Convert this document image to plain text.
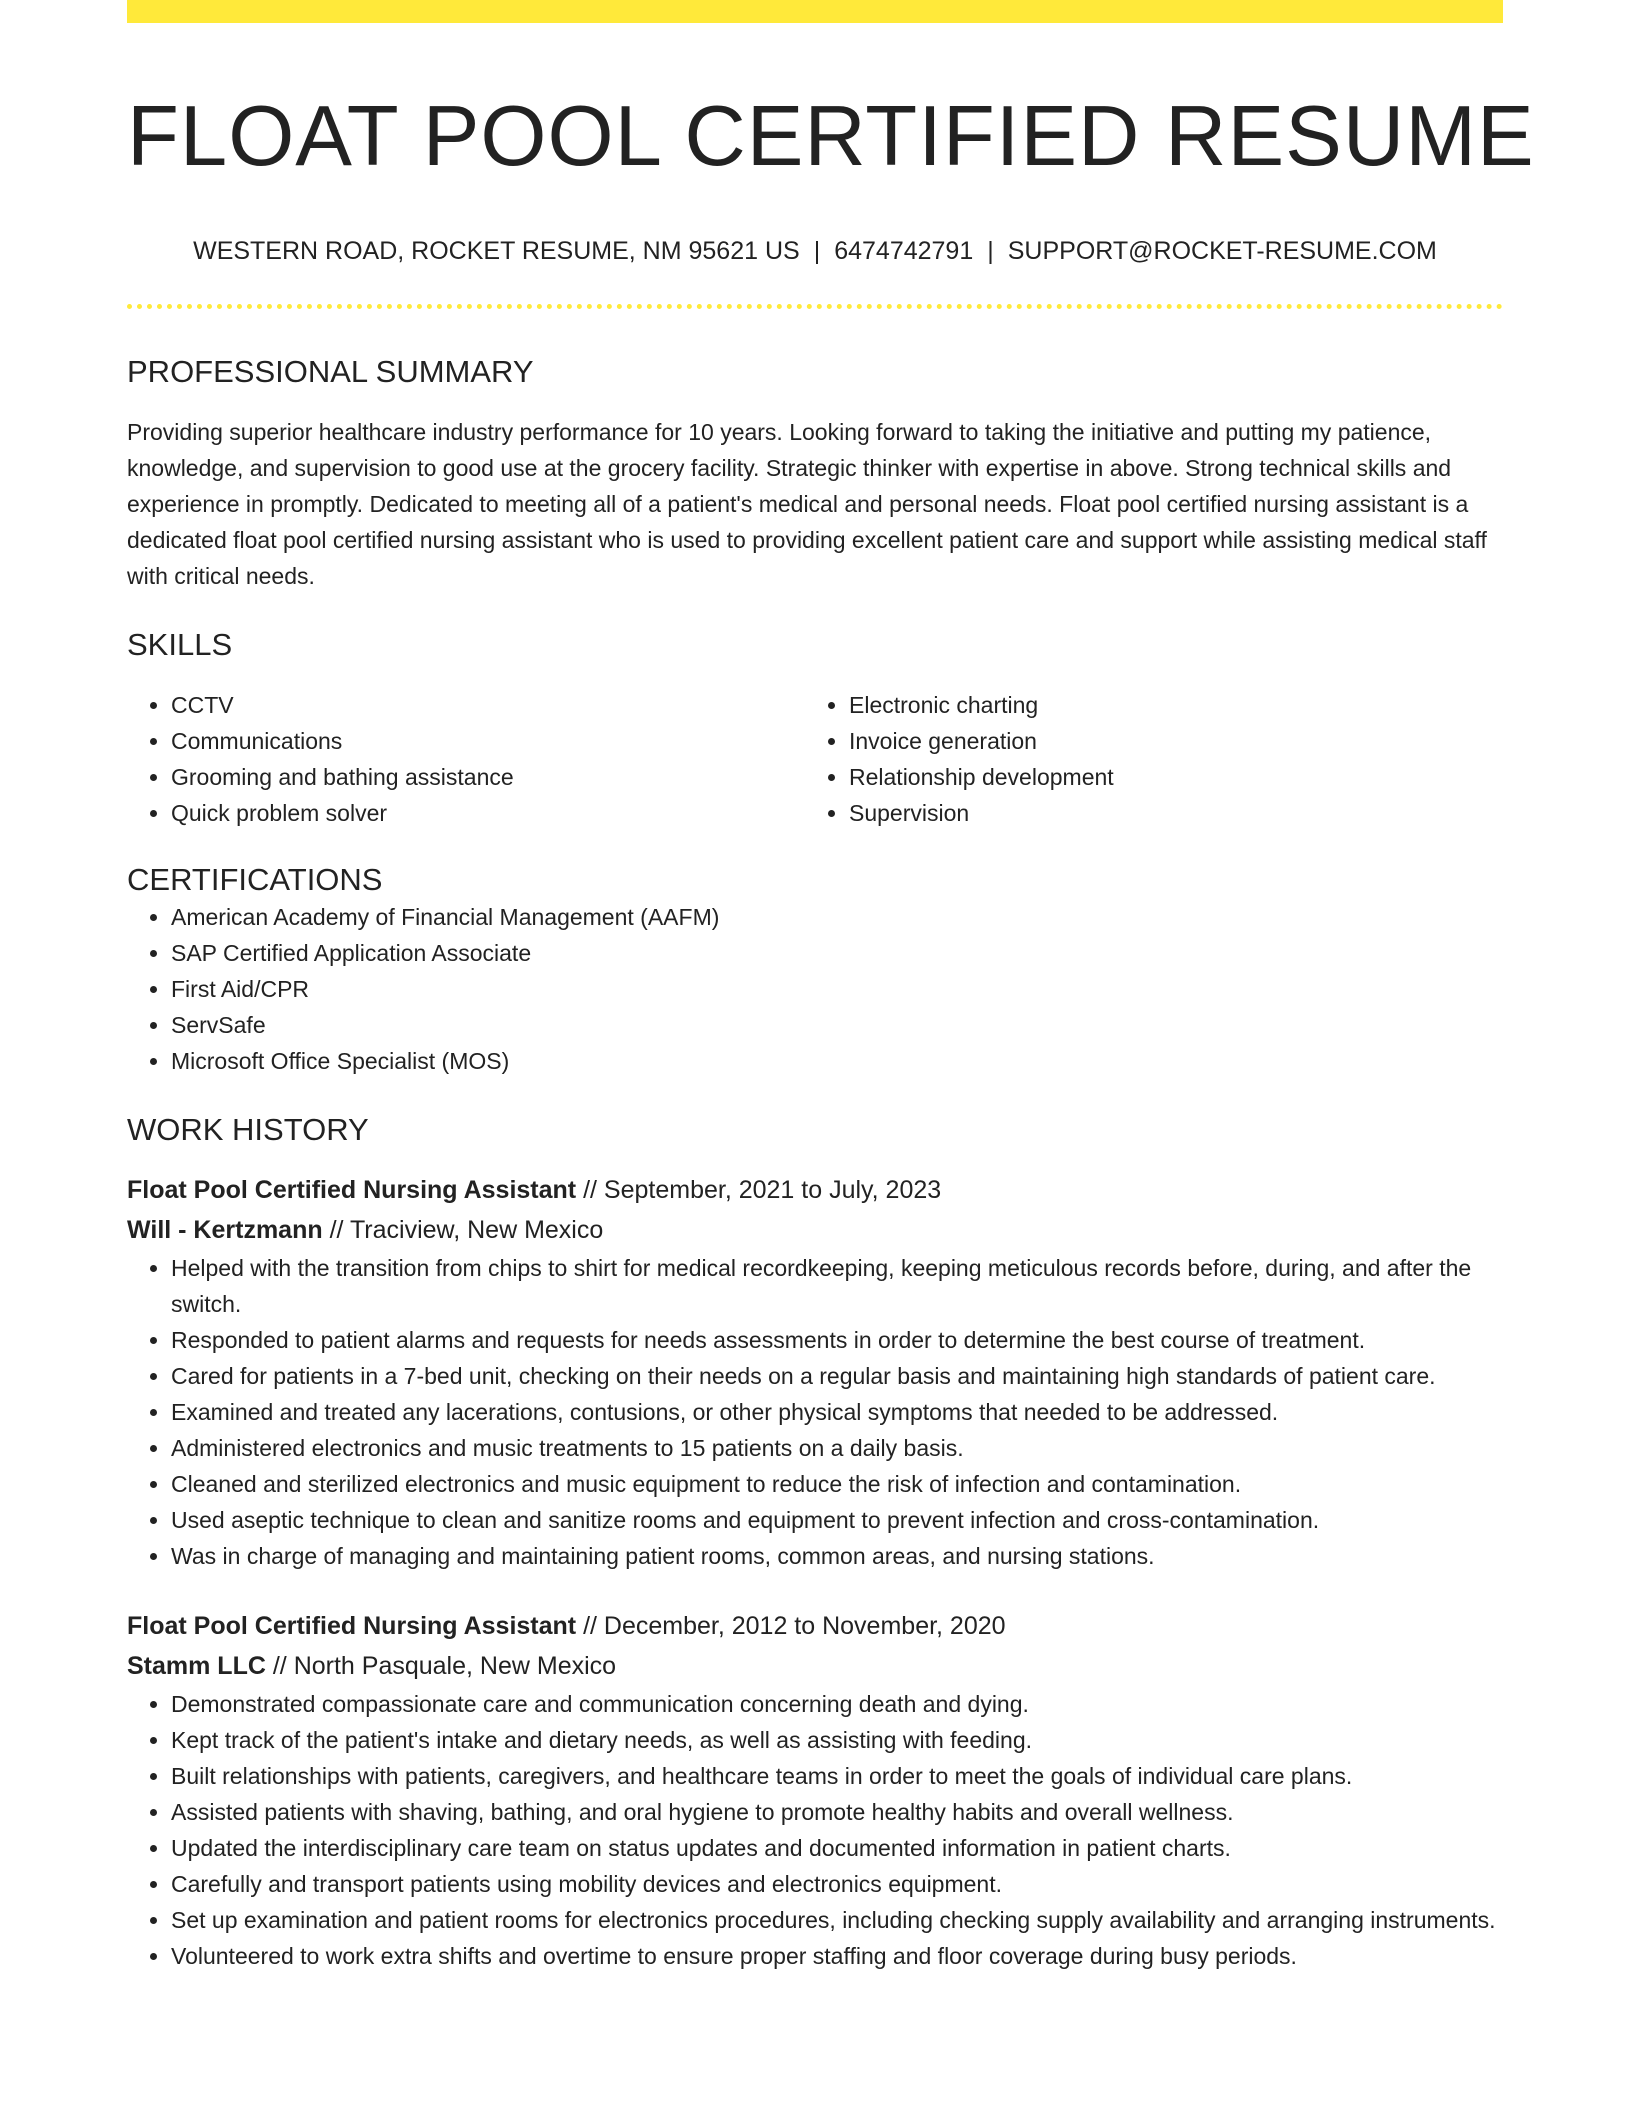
FLOAT POOL CERTIFIED RESUME
WESTERN ROAD, ROCKET RESUME, NM 95621 US | 6474742791 | SUPPORT@ROCKET-RESUME.COM
PROFESSIONAL SUMMARY
Providing superior healthcare industry performance for 10 years. Looking forward to taking the initiative and putting my patience, knowledge, and supervision to good use at the grocery facility. Strategic thinker with expertise in above. Strong technical skills and experience in promptly. Dedicated to meeting all of a patient's medical and personal needs. Float pool certified nursing assistant is a dedicated float pool certified nursing assistant who is used to providing excellent patient care and support while assisting medical staff with critical needs.
SKILLS
• CCTV
• Communications
• Grooming and bathing assistance
• Quick problem solver
• Electronic charting
• Invoice generation
• Relationship development
• Supervision
CERTIFICATIONS
• American Academy of Financial Management (AAFM)
• SAP Certified Application Associate
• First Aid/CPR
• ServSafe
• Microsoft Office Specialist (MOS)
WORK HISTORY
Float Pool Certified Nursing Assistant // September, 2021 to July, 2023
Will - Kertzmann // Traciview, New Mexico
• Helped with the transition from chips to shirt for medical recordkeeping, keeping meticulous records before, during, and after the switch.
• Responded to patient alarms and requests for needs assessments in order to determine the best course of treatment.
• Cared for patients in a 7-bed unit, checking on their needs on a regular basis and maintaining high standards of patient care.
• Examined and treated any lacerations, contusions, or other physical symptoms that needed to be addressed.
• Administered electronics and music treatments to 15 patients on a daily basis.
• Cleaned and sterilized electronics and music equipment to reduce the risk of infection and contamination.
• Used aseptic technique to clean and sanitize rooms and equipment to prevent infection and cross-contamination.
• Was in charge of managing and maintaining patient rooms, common areas, and nursing stations.
Float Pool Certified Nursing Assistant // December, 2012 to November, 2020
Stamm LLC // North Pasquale, New Mexico
• Demonstrated compassionate care and communication concerning death and dying.
• Kept track of the patient's intake and dietary needs, as well as assisting with feeding.
• Built relationships with patients, caregivers, and healthcare teams in order to meet the goals of individual care plans.
• Assisted patients with shaving, bathing, and oral hygiene to promote healthy habits and overall wellness.
• Updated the interdisciplinary care team on status updates and documented information in patient charts.
• Carefully and transport patients using mobility devices and electronics equipment.
• Set up examination and patient rooms for electronics procedures, including checking supply availability and arranging instruments.
• Volunteered to work extra shifts and overtime to ensure proper staffing and floor coverage during busy periods.
